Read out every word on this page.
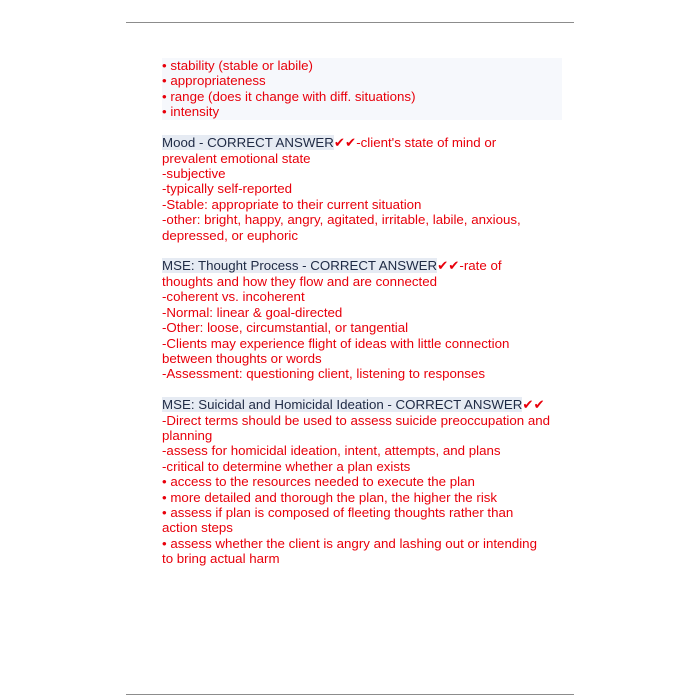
• stability (stable or labile)
• appropriateness
• range (does it change with diff. situations)
• intensity
Mood - CORRECT ANSWER✔✔-client's state of mind or
prevalent emotional state
-subjective
-typically self-reported
-Stable: appropriate to their current situation
-other: bright, happy, angry, agitated, irritable, labile, anxious,
depressed, or euphoric
MSE: Thought Process - CORRECT ANSWER✔✔-rate of
thoughts and how they flow and are connected
-coherent vs. incoherent
-Normal: linear & goal-directed
-Other: loose, circumstantial, or tangential
-Clients may experience flight of ideas with little connection
between thoughts or words
-Assessment: questioning client, listening to responses
MSE: Suicidal and Homicidal Ideation - CORRECT ANSWER✔✔
-Direct terms should be used to assess suicide preoccupation and
planning
-assess for homicidal ideation, intent, attempts, and plans
-critical to determine whether a plan exists
• access to the resources needed to execute the plan
• more detailed and thorough the plan, the higher the risk
• assess if plan is composed of fleeting thoughts rather than
action steps
• assess whether the client is angry and lashing out or intending
to bring actual harm
